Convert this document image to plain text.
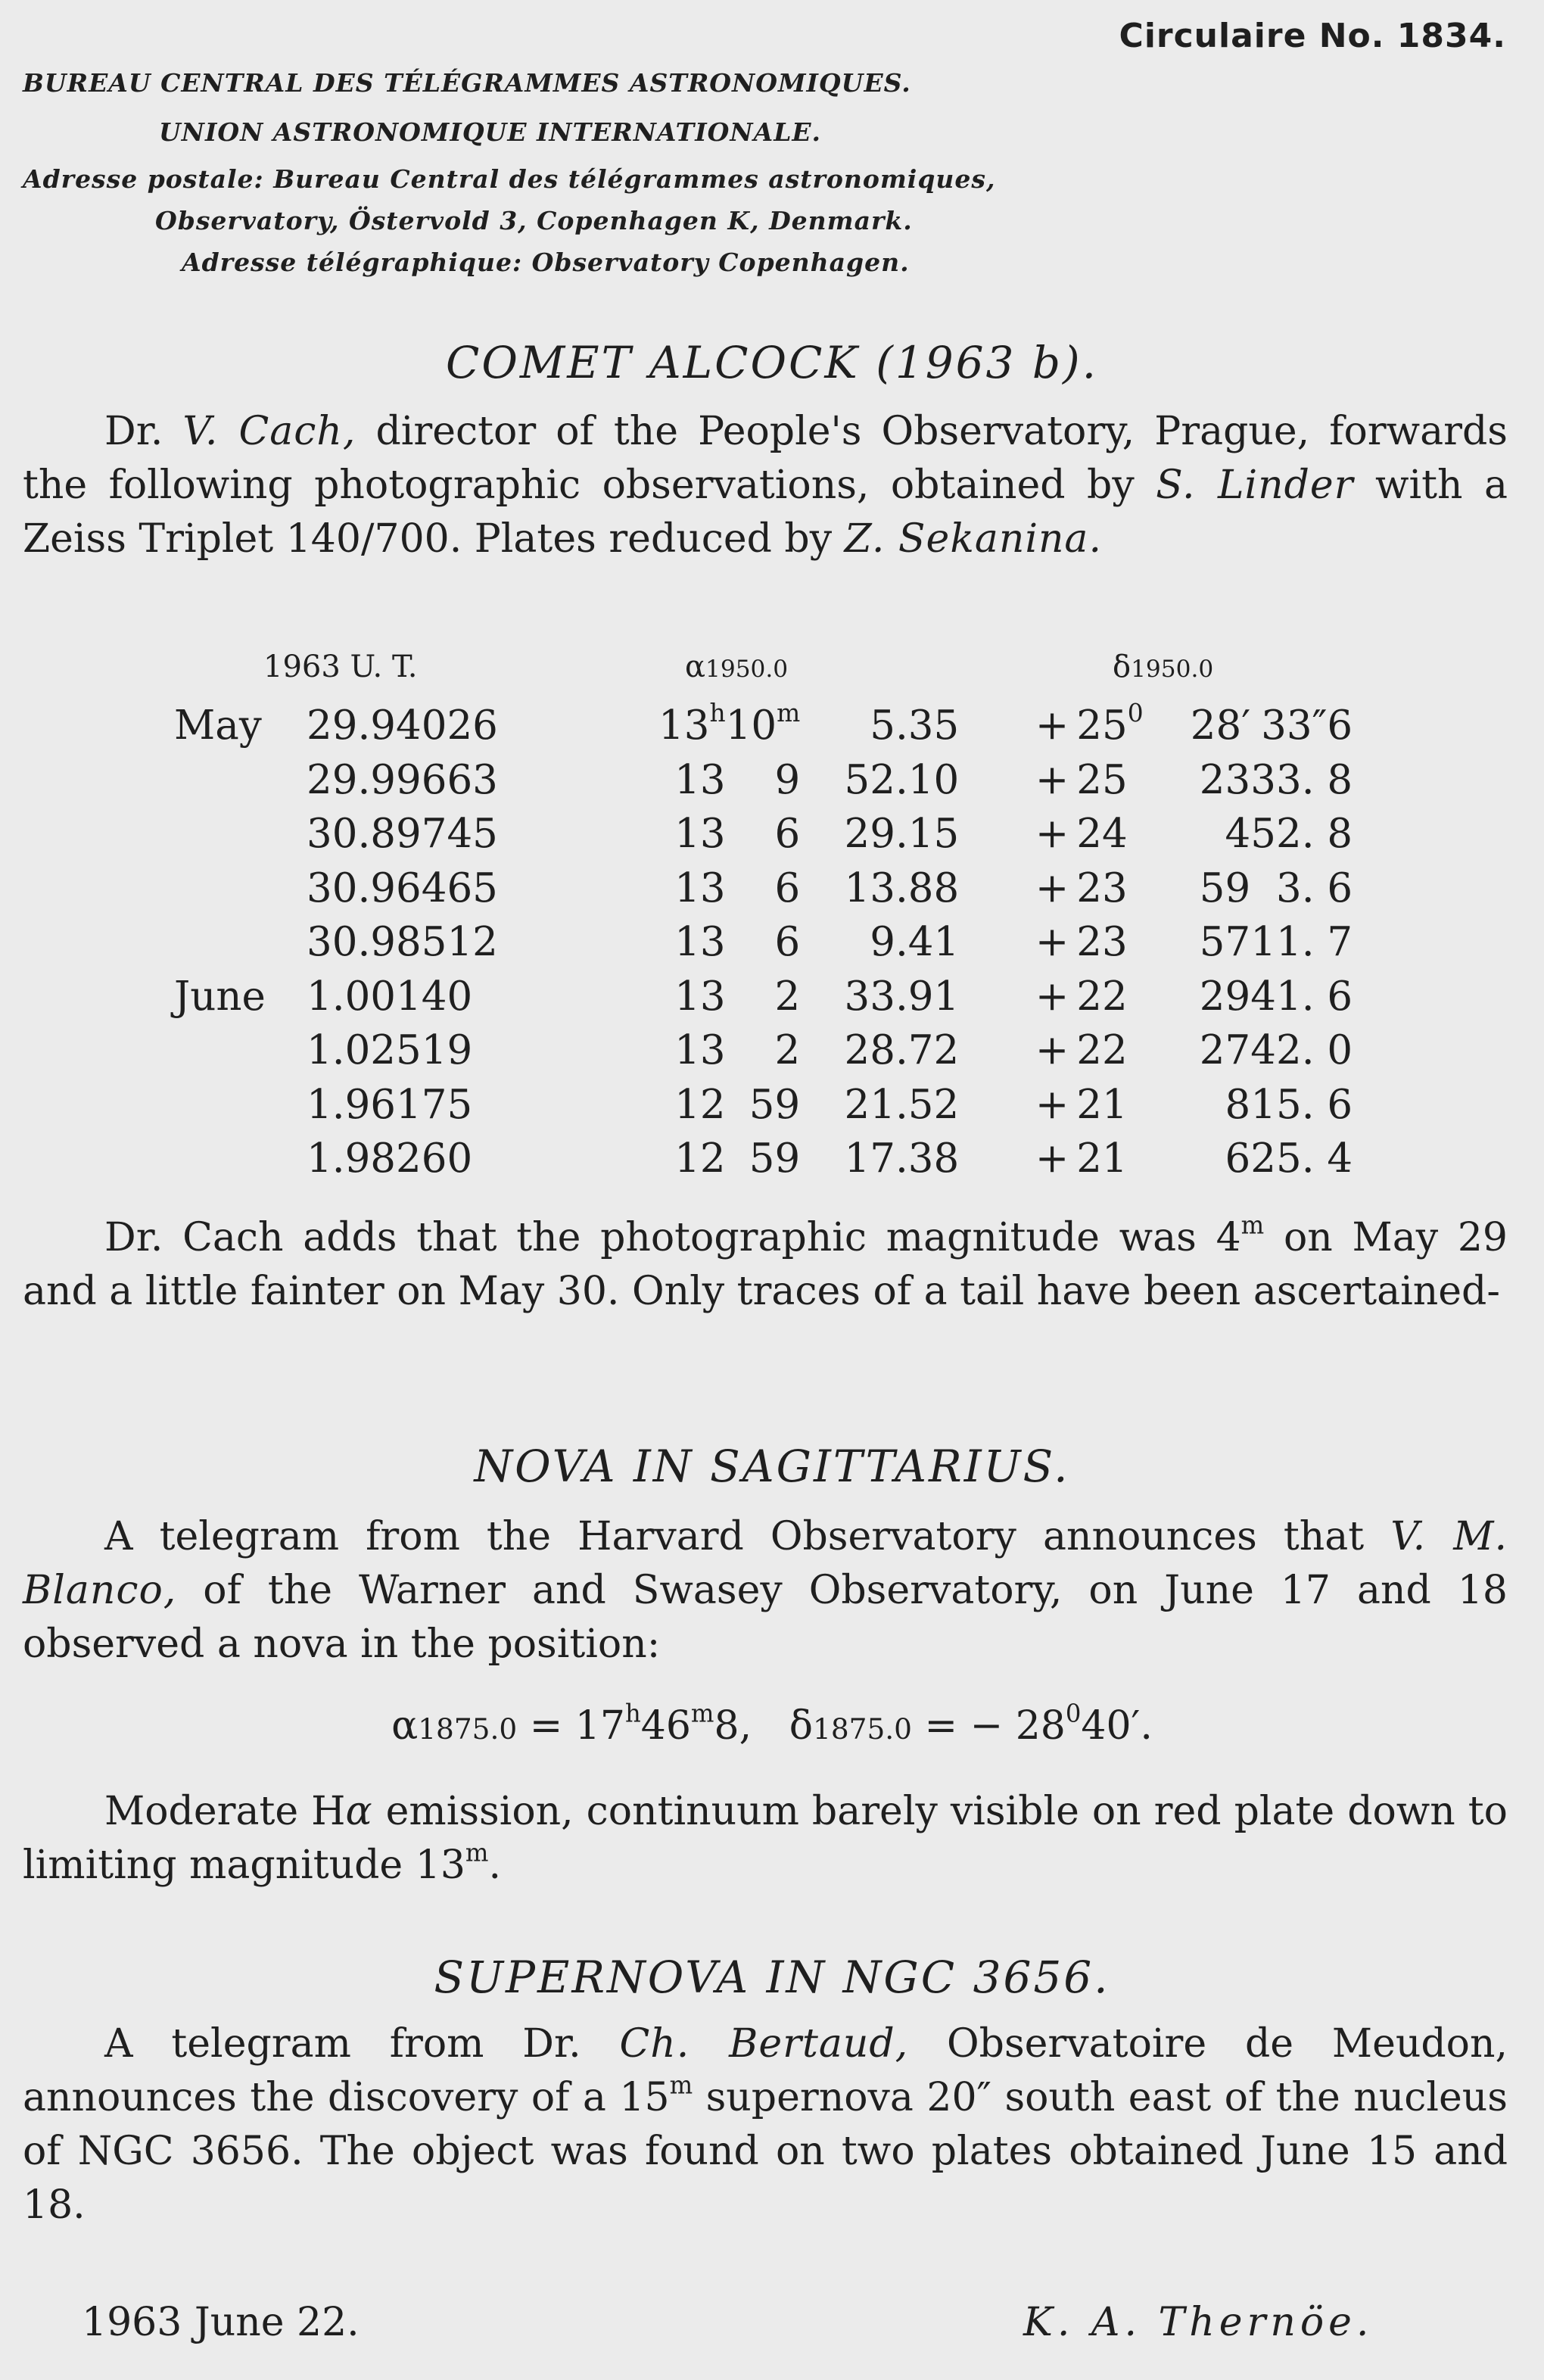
Circulaire No. 1834.
BUREAU CENTRAL DES TÉLÉGRAMMES ASTRONOMIQUES.
UNION ASTRONOMIQUE INTERNATIONALE.
Adresse postale: Bureau Central des télégrammes astronomiques,
Observatory, Östervold 3, Copenhagen K, Denmark.
Adresse télégraphique: Observatory Copenhagen.
COMET ALCOCK (1963 b).
Dr. V. Cach, director of the People's Observatory, Prague, forwards the following photographic observations, obtained by S. Linder with a Zeiss Triplet 140/700. Plates reduced by Z. Sekanina.
1963 U. T.	α1950.0	δ1950.0
May	29.94026	13$^h$	10$^m$	5.35	+	$25^0$	28′	33″6
	29.99663	13	9	52.10	+	25	23	33. 8
	30.89745	13	6	29.15	+	24	4	52. 8
	30.96465	13	6	13.88	+	23	59	3. 6
	30.98512	13	6	9.41	+	23	57	11. 7
June	1.00140	13	2	33.91	+	22	29	41. 6
	1.02519	13	2	28.72	+	22	27	42. 0
	1.96175	12	59	21.52	+	21	8	15. 6
	1.98260	12	59	17.38	+	21	6	25. 4
Dr. Cach adds that the photographic magnitude was 4$^m$ on May 29 and a little fainter on May 30. Only traces of a tail have been ascertained-
NOVA IN SAGITTARIUS.
A telegram from the Harvard Observatory announces that V. M. Blanco, of the Warner and Swasey Observatory, on June 17 and 18 observed a nova in the position:
$\alpha 1875.0 = 17^h46^m8$, δ1875.0 = − $28^040'$.
Moderate Hα emission, continuum barely visible on red plate down to limiting magnitude 13$^m$.
SUPERNOVA IN NGC 3656.
A telegram from Dr. Ch. Bertaud, Observatoire de Meudon, announces the discovery of a 15$^m$ supernova 20″ south east of the nucleus of NGC 3656. The object was found on two plates obtained June 15 and 18.
1963 June 22.	K. A. Thernöe.
